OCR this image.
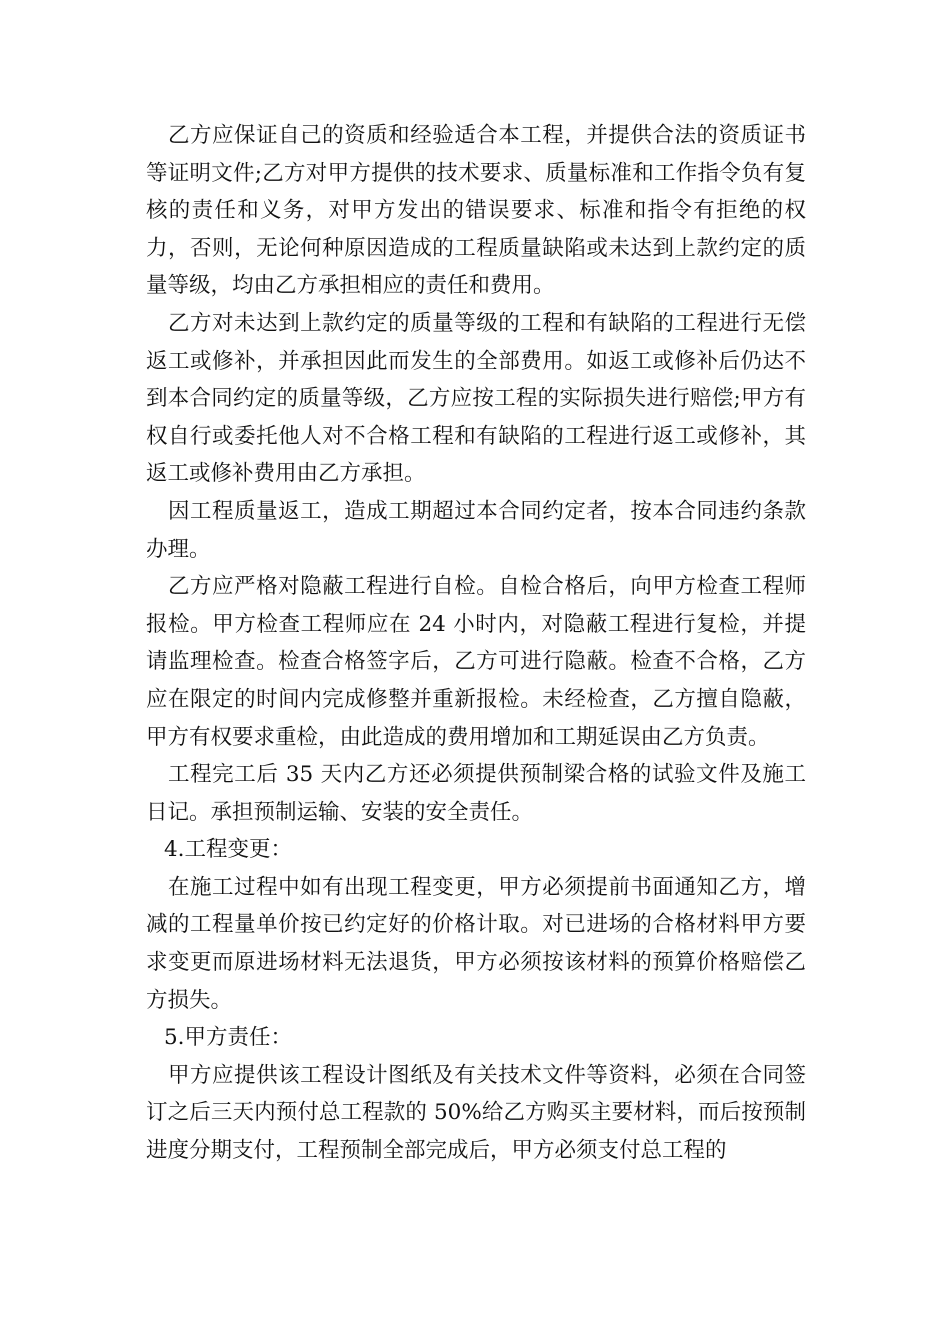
乙方应保证自己的资质和经验适合本工程，并提供合法的资质证书等证明文件;乙方对甲方提供的技术要求、质量标准和工作指令负有复核的责任和义务，对甲方发出的错误要求、标准和指令有拒绝的权力，否则，无论何种原因造成的工程质量缺陷或未达到上款约定的质量等级，均由乙方承担相应的责任和费用。

乙方对未达到上款约定的质量等级的工程和有缺陷的工程进行无偿返工或修补，并承担因此而发生的全部费用。如返工或修补后仍达不到本合同约定的质量等级，乙方应按工程的实际损失进行赔偿;甲方有权自行或委托他人对不合格工程和有缺陷的工程进行返工或修补，其返工或修补费用由乙方承担。

因工程质量返工，造成工期超过本合同约定者，按本合同违约条款办理。

乙方应严格对隐蔽工程进行自检。自检合格后，向甲方检查工程师报检。甲方检查工程师应在 24 小时内，对隐蔽工程进行复检，并提请监理检查。检查合格签字后，乙方可进行隐蔽。检查不合格，乙方应在限定的时间内完成修整并重新报检。未经检查，乙方擅自隐蔽，甲方有权要求重检，由此造成的费用增加和工期延误由乙方负责。

工程完工后 35 天内乙方还必须提供预制梁合格的试验文件及施工日记。承担预制运输、安装的安全责任。

4.工程变更：

在施工过程中如有出现工程变更，甲方必须提前书面通知乙方，增减的工程量单价按已约定好的价格计取。对已进场的合格材料甲方要求变更而原进场材料无法退货，甲方必须按该材料的预算价格赔偿乙方损失。

5.甲方责任：

甲方应提供该工程设计图纸及有关技术文件等资料，必须在合同签订之后三天内预付总工程款的 50%给乙方购买主要材料，而后按预制进度分期支付，工程预制全部完成后，甲方必须支付总工程的
